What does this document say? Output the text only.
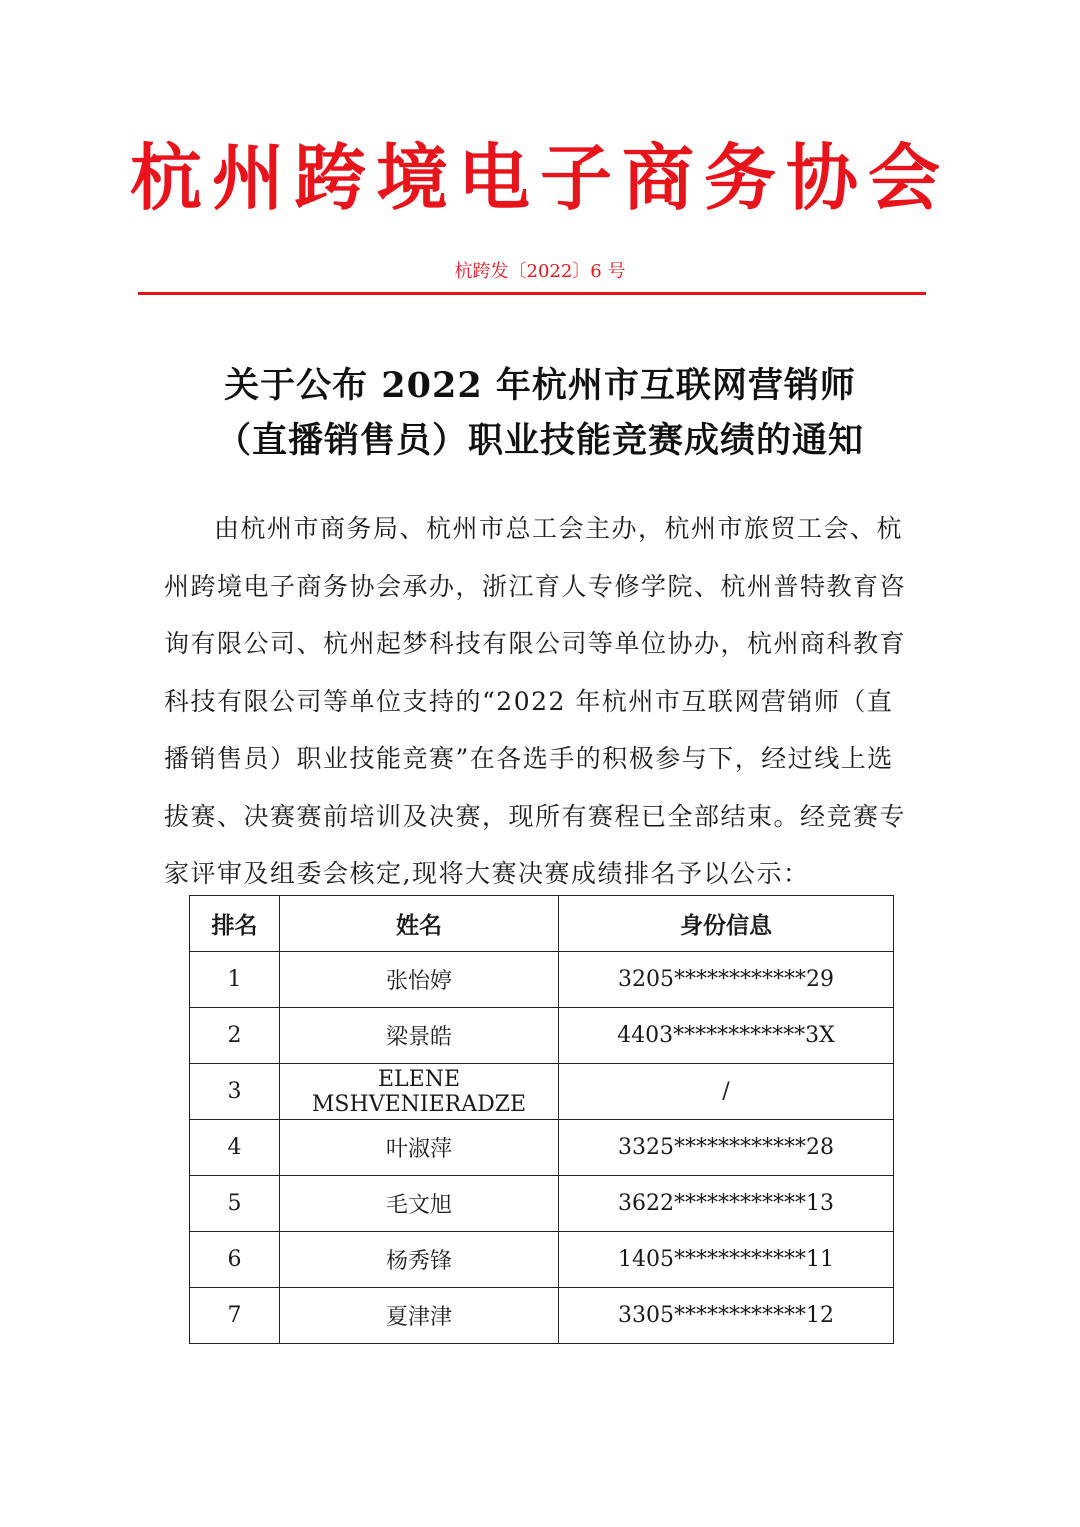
杭州跨境电子商务协会
杭跨发〔2022〕6 号
关于公布 2022 年杭州市互联网营销师
（直播销售员）职业技能竞赛成绩的通知
由杭州市商务局、杭州市总工会主办，杭州市旅贸工会、杭
州跨境电子商务协会承办，浙江育人专修学院、杭州普特教育咨
询有限公司、杭州起梦科技有限公司等单位协办，杭州商科教育
科技有限公司等单位支持的“2022 年杭州市互联网营销师（直
播销售员）职业技能竞赛”在各选手的积极参与下，经过线上选
拔赛、决赛赛前培训及决赛，现所有赛程已全部结束。经竞赛专
家评审及组委会核定,现将大赛决赛成绩排名予以公示：
排名	姓名	身份信息
1	张怡婷	3205************29
2	梁景皓	4403************3X
3	ELENE MSHVENIERADZE	/
4	叶淑萍	3325************28
5	毛文旭	3622************13
6	杨秀锋	1405************11
7	夏津津	3305************12
